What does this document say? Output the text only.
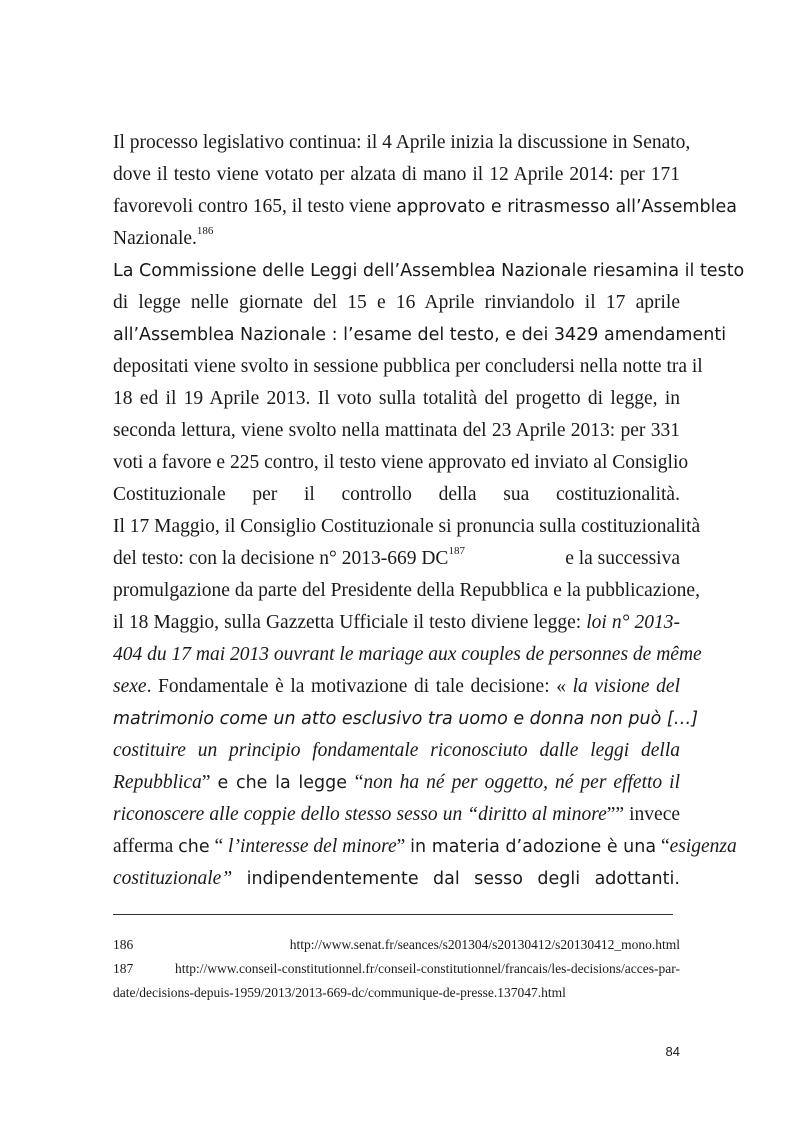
Il processo legislativo continua: il 4 Aprile inizia la discussione in Senato,
dove il testo viene votato per alzata di mano il 12 Aprile 2014: per 171
favorevoli contro 165, il testo viene approvato e ritrasmesso all’Assemblea
Nazionale.$^{186}$
La Commissione delle Leggi dell’Assemblea Nazionale riesamina il testo
di legge nelle giornate del 15 e 16 Aprile rinviandolo il 17 aprile
all’Assemblea Nazionale : l’esame del testo, e dei 3429 amendamenti
depositati viene svolto in sessione pubblica per concludersi nella notte tra il
18 ed il 19 Aprile 2013. Il voto sulla totalità del progetto di legge, in
seconda lettura, viene svolto nella mattinata del 23 Aprile 2013: per 331
voti a favore e 225 contro, il testo viene approvato ed inviato al Consiglio
Costituzionale per il controllo della sua costituzionalità.
Il 17 Maggio, il Consiglio Costituzionale si pronuncia sulla costituzionalità
del testo: con la decisione n° 2013-669 DC$^{187}$	e la successiva
promulgazione da parte del Presidente della Repubblica e la pubblicazione,
il 18 Maggio, sulla Gazzetta Ufficiale il testo diviene legge: loi n° 2013-
404 du 17 mai 2013 ouvrant le mariage aux couples de personnes de même
sexe. Fondamentale è la motivazione di tale decisione: « la visione del
matrimonio come un atto esclusivo tra uomo e donna non può […]
costituire un principio fondamentale riconosciuto dalle leggi della
Repubblica” e che la legge “non ha né per oggetto, né per effetto il
riconoscere alle coppie dello stesso sesso un “diritto al minore”” invece
afferma che “ l’interesse del minore” in materia d’adozione è una “esigenza
costituzionale” indipendentemente dal sesso degli adottanti.
186	http://www.senat.fr/seances/s201304/s20130412/s20130412_mono.html
187	http://www.conseil-constitutionnel.fr/conseil-constitutionnel/francais/les-decisions/acces-par-
date/decisions-depuis-1959/2013/2013-669-dc/communique-de-presse.137047.html
84
